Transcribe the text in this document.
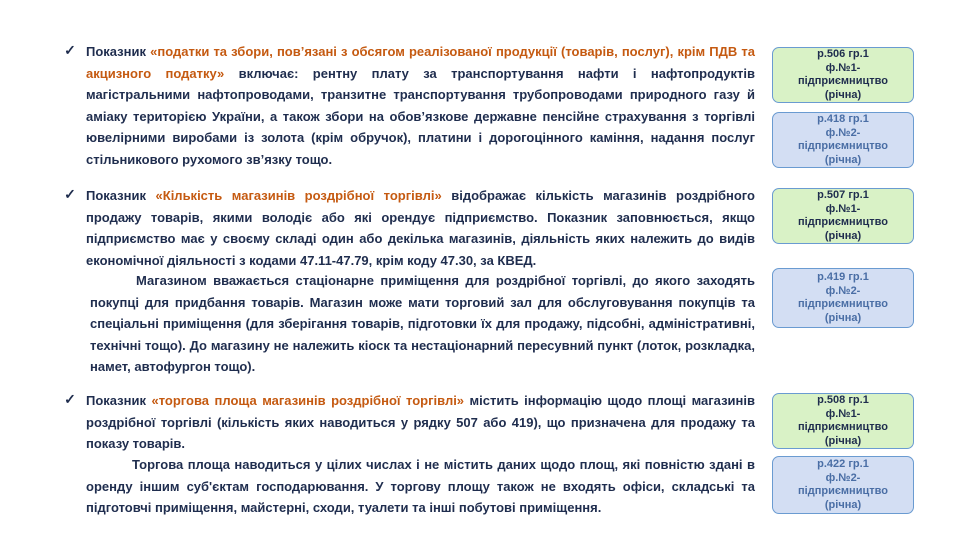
✓ Показник «податки та збори, пов’язані з обсягом реалізованої продукції (товарів, послуг), крім ПДВ та акцизного податку» включає: рентну плату за транспортування нафти і нафтопродуктів магістральними нафтопроводами, транзитне транспортування трубопроводами природного газу й аміаку територією України, а також збори на обов’язкове державне пенсійне страхування з торгівлі ювелірними виробами із золота (крім обручок), платини і дорогоцінного каміння, надання послуг стільникового рухомого зв’язку тощо.

✓ Показник «Кількість магазинів роздрібної торгівлі» відображає кількість магазинів роздрібного продажу товарів, якими володіє або які орендує підприємство. Показник заповнюється, якщо підприємство має у своєму складі один або декілька магазинів, діяльність яких належить до видів економічної діяльності з кодами 47.11-47.79, крім коду 47.30, за КВЕД.

Магазином вважається стаціонарне приміщення для роздрібної торгівлі, до якого заходять покупці для придбання товарів. Магазин може мати торговий зал для обслуговування покупців та спеціальні приміщення (для зберігання товарів, підготовки їх для продажу, підсобні, адміністративні, технічні тощо). До магазину не належить кіоск та нестаціонарний пересувний пункт (лоток, розкладка, намет, автофургон тощо).

✓ Показник «торгова площа магазинів роздрібної торгівлі» містить інформацію щодо площі магазинів роздрібної торгівлі (кількість яких наводиться у рядку 507 або 419), що призначена для продажу та показу товарів.

Торгова площа наводиться у цілих числах і не містить даних щодо площ, які повністю здані в оренду іншим суб'єктам господарювання. У торгову площу також не входять офіси, складські та підготовчі приміщення, майстерні, сходи, туалети та інші побутові приміщення.

р.506 гр.1
ф.№1-
підприємництво
(річна)
р.418 гр.1
ф.№2-
підприємництво
(річна)
р.507 гр.1
ф.№1-
підприємництво
(річна)
р.419 гр.1
ф.№2-
підприємництво
(річна)
р.508 гр.1
ф.№1-
підприємництво
(річна)
р.422 гр.1
ф.№2-
підприємництво
(річна)
